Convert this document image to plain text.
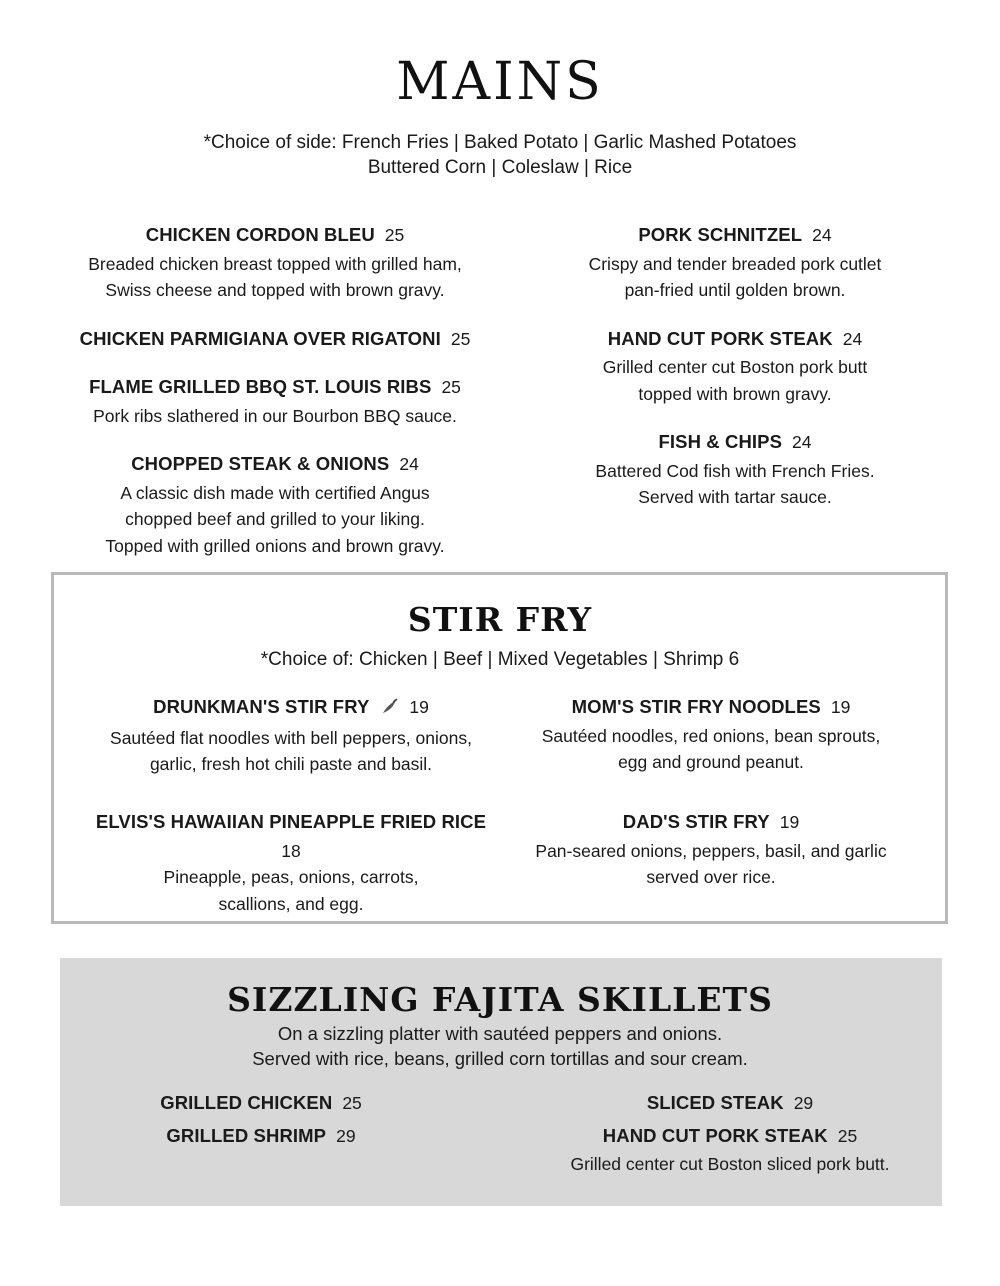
MAINS
*Choice of side: French Fries | Baked Potato | Garlic Mashed Potatoes
Buttered Corn | Coleslaw | Rice
CHICKEN CORDON BLEU 25
Breaded chicken breast topped with grilled ham,
Swiss cheese and topped with brown gravy.
CHICKEN PARMIGIANA OVER RIGATONI 25
FLAME GRILLED BBQ ST. LOUIS RIBS 25
Pork ribs slathered in our Bourbon BBQ sauce.
CHOPPED STEAK & ONIONS 24
A classic dish made with certified Angus
chopped beef and grilled to your liking.
Topped with grilled onions and brown gravy.
PORK SCHNITZEL 24
Crispy and tender breaded pork cutlet
pan-fried until golden brown.
HAND CUT PORK STEAK 24
Grilled center cut Boston pork butt
topped with brown gravy.
FISH & CHIPS 24
Battered Cod fish with French Fries.
Served with tartar sauce.
STIR FRY
*Choice of: Chicken | Beef | Mixed Vegetables | Shrimp 6
DRUNKMAN'S STIR FRY 19
Sautéed flat noodles with bell peppers, onions,
garlic, fresh hot chili paste and basil.
MOM'S STIR FRY NOODLES 19
Sautéed noodles, red onions, bean sprouts,
egg and ground peanut.
ELVIS'S HAWAIIAN PINEAPPLE FRIED RICE
18
Pineapple, peas, onions, carrots,
scallions, and egg.
DAD'S STIR FRY 19
Pan-seared onions, peppers, basil, and garlic
served over rice.
SIZZLING FAJITA SKILLETS
On a sizzling platter with sautéed peppers and onions.
Served with rice, beans, grilled corn tortillas and sour cream.
GRILLED CHICKEN 25
GRILLED SHRIMP 29
SLICED STEAK 29
HAND CUT PORK STEAK 25
Grilled center cut Boston sliced pork butt.
